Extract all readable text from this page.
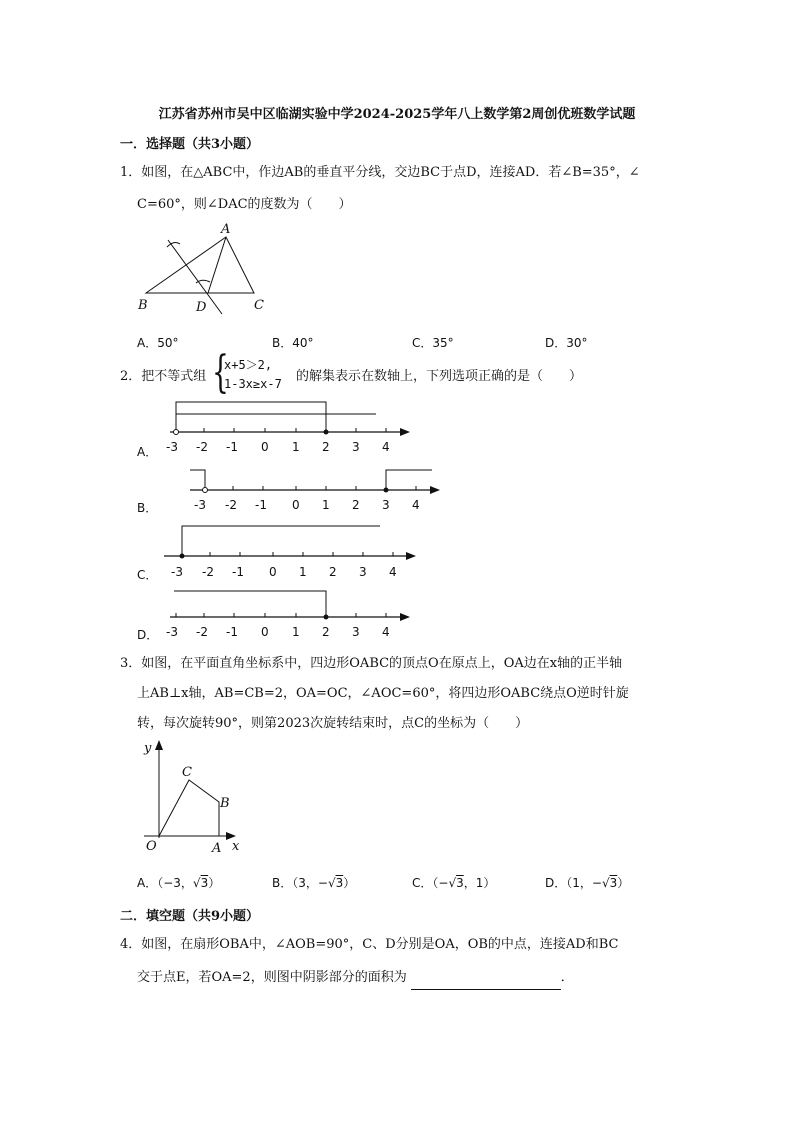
江苏省苏州市吴中区临湖实验中学2024-2025学年八上数学第2周创优班数学试题
一．选择题（共3小题）
1．如图，在△ABC中，作边AB的垂直平分线，交边BC于点D，连接AD．若∠B=35°，∠
C=60°，则∠DAC的度数为（　　）
A
B	C
D
A．50°	B．40°	C．35°	D．30°
2．把不等式组 {
x+5＞2,
1-3x≥x-7 的解集表示在数轴上，下列选项正确的是（　　）
A． -3 -2 -1 0 1 2 3 4
B．	-3 -2 -1 0 1 2 3 4
C． -3 -2 -1 0 1 2 3 4
D． -3 -2 -1 0 1 2 3 4
3．如图，在平面直角坐标系中，四边形OABC的顶点O在原点上，OA边在x轴的正半轴
上AB⊥x轴，AB=CB=2，OA=OC，∠AOC=60°，将四边形OABC绕点O逆时针旋
转，每次旋转90°，则第2023次旋转结束时，点C的坐标为（　　）
y
x
O	A
B
C
A．（−3，√3）	B．（3，−√3）	C．（−√3，1）	D．（1，−√3）
二．填空题（共9小题）
4．如图，在扇形OBA中，∠AOB=90°，C、D分别是OA，OB的中点，连接AD和BC
交于点E，若OA=2，则图中阴影部分的面积为	．
